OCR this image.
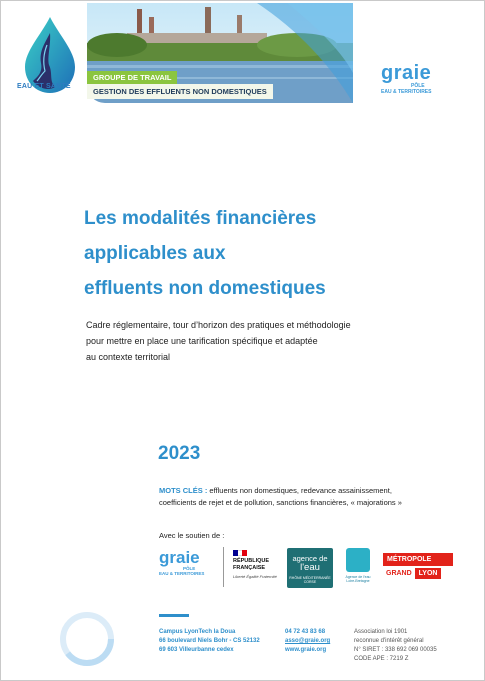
EAU ET SANTÉ
GROUPE DE TRAVAIL
GESTION DES EFFLUENTS NON DOMESTIQUES
graie
PÔLE
EAU & TERRITOIRES
Les modalités financières
applicables aux
effluents non domestiques
Cadre réglementaire, tour d’horizon des pratiques et méthodologie
pour mettre en place une tarification spécifique et adaptée
au contexte territorial
2023
MOTS CLÉS : effluents non domestiques, redevance assainissement,
coefficients de rejet et de pollution, sanctions financières, « majorations »
Avec le soutien de :
graie
PÔLE
EAU & TERRITOIRES
RÉPUBLIQUE
FRANÇAISE
Liberté Égalité Fraternité
agence de
l'eau
RHÔNE MÉDITERRANÉE CORSE
Agence de l'eau Loire-Bretagne
MÉTROPOLE
GRAND	LYON
Campus LyonTech la Doua
66 boulevard Niels Bohr - CS 52132
69 603 Villeurbanne cedex
04 72 43 83 68
asso@graie.org
www.graie.org
Association loi 1901
reconnue d'intérêt général
N° SIRET : 338 692 069 00035
CODE APE : 7219 Z
